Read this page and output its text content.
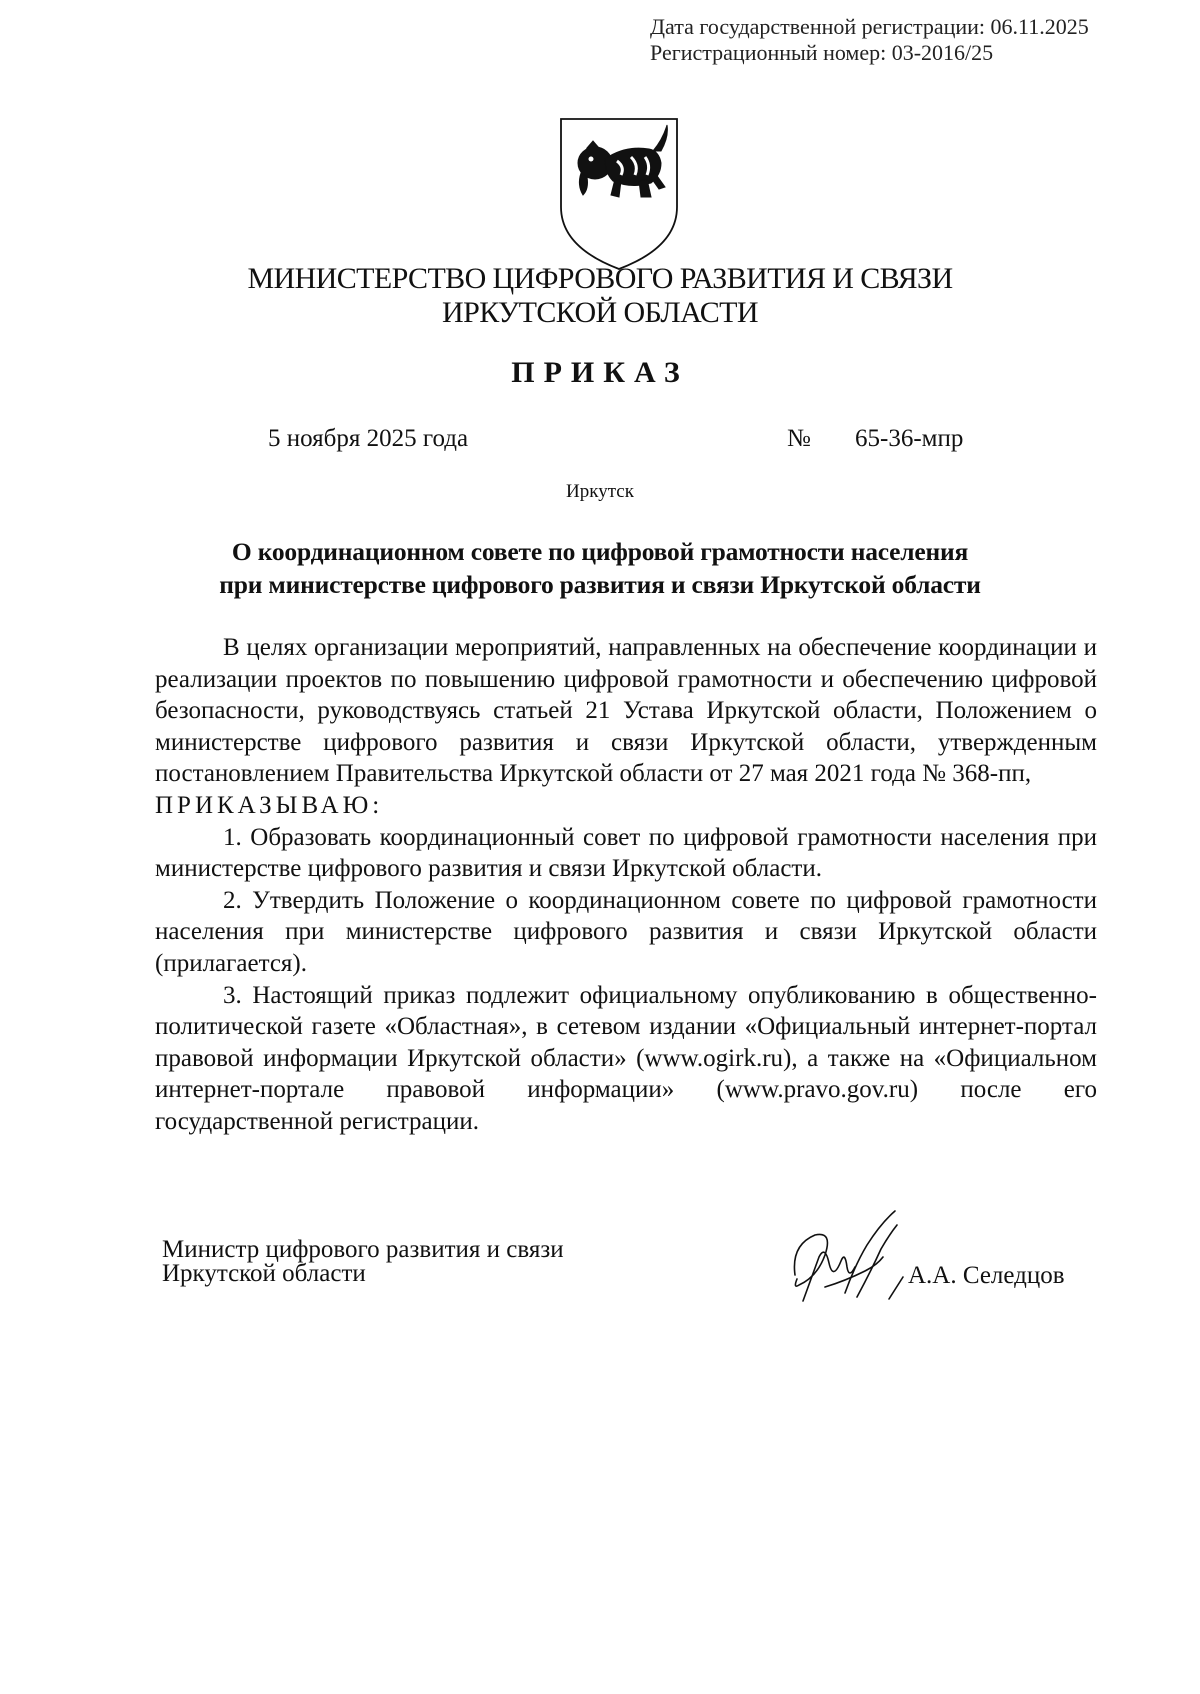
Дата государственной регистрации: 06.11.2025
Регистрационный номер: 03-2016/25
МИНИСТЕРСТВО ЦИФРОВОГО РАЗВИТИЯ И СВЯЗИ
ИРКУТСКОЙ ОБЛАСТИ
ПРИКАЗ
5 ноября 2025 года	№ 65-36-мпр
Иркутск
О координационном совете по цифровой грамотности населения
при министерстве цифрового развития и связи Иркутской области

В целях организации мероприятий, направленных на обеспечение координации и реализации проектов по повышению цифровой грамотности и обеспечению цифровой безопасности, руководствуясь статьей 21 Устава Иркутской области, Положением о министерстве цифрового развития и связи Иркутской области, утвержденным постановлением Правительства Иркутской области от 27 мая 2021 года № 368-пп,

ПРИКАЗЫВАЮ:

1. Образовать координационный совет по цифровой грамотности населения при министерстве цифрового развития и связи Иркутской области.

2. Утвердить Положение о координационном совете по цифровой грамотности населения при министерстве цифрового развития и связи Иркутской области (прилагается).

3. Настоящий приказ подлежит официальному опубликованию в общественно-политической газете «Областная», в сетевом издании «Официальный интернет-портал правовой информации Иркутской области» (www.ogirk.ru), а также на «Официальном интернет-портале правовой информации» (www.pravo.gov.ru) после его государственной регистрации.

Министр цифрового развития и связи
Иркутской области	А.А. Селедцов
